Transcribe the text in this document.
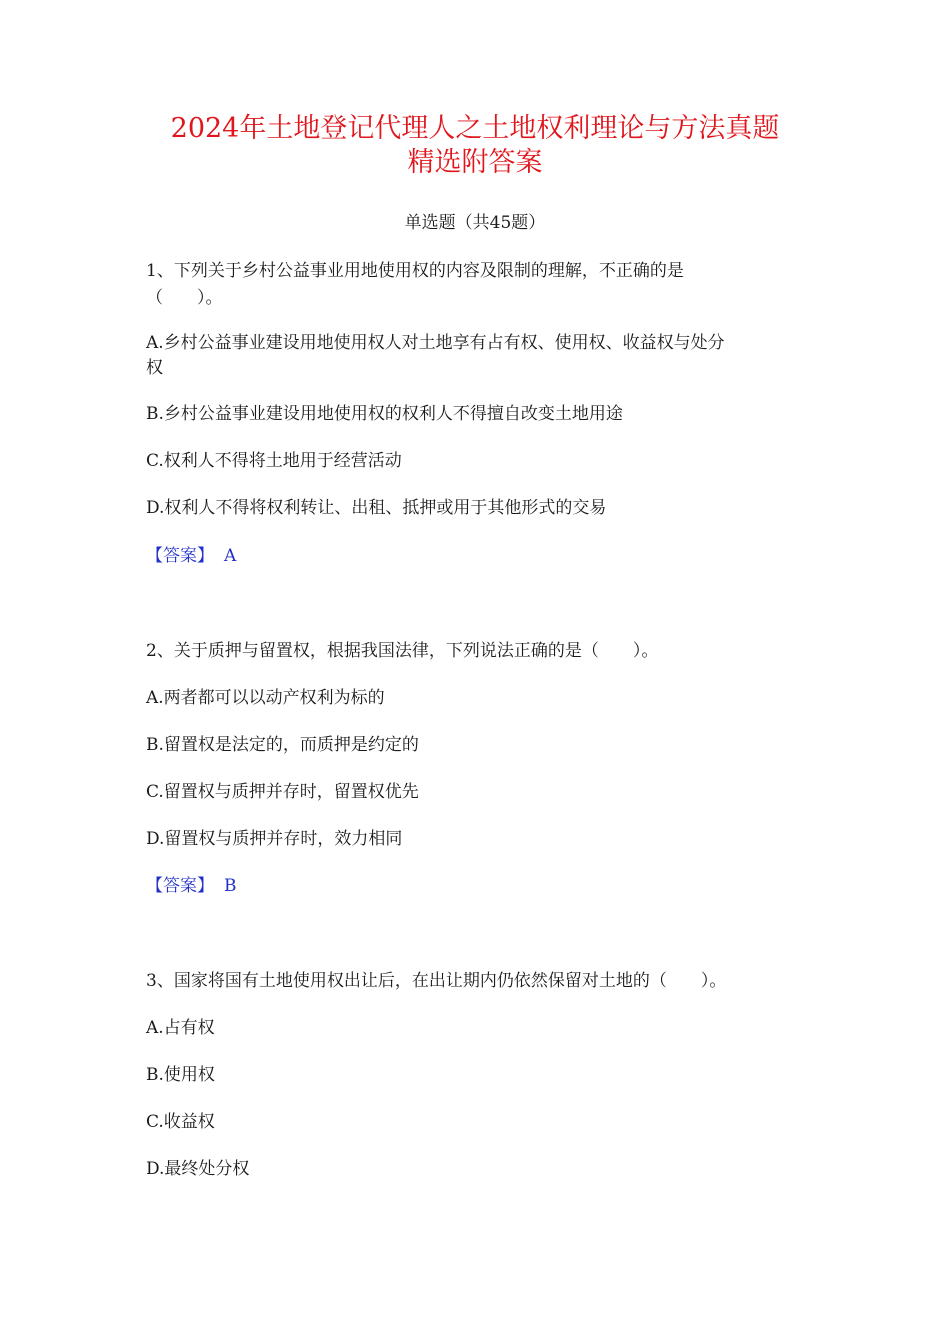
2024年土地登记代理人之土地权利理论与方法真题
精选附答案
单选题（共45题）
1、下列关于乡村公益事业用地使用权的内容及限制的理解，不正确的是
（　　）。
A.乡村公益事业建设用地使用权人对土地享有占有权、使用权、收益权与处分
权
B.乡村公益事业建设用地使用权的权利人不得擅自改变土地用途
C.权利人不得将土地用于经营活动
D.权利人不得将权利转让、出租、抵押或用于其他形式的交易
【答案】 A
2、关于质押与留置权，根据我国法律，下列说法正确的是（　　）。
A.两者都可以以动产权利为标的
B.留置权是法定的，而质押是约定的
C.留置权与质押并存时，留置权优先
D.留置权与质押并存时，效力相同
【答案】 B
3、国家将国有土地使用权出让后，在出让期内仍依然保留对土地的（　　）。
A.占有权
B.使用权
C.收益权
D.最终处分权
